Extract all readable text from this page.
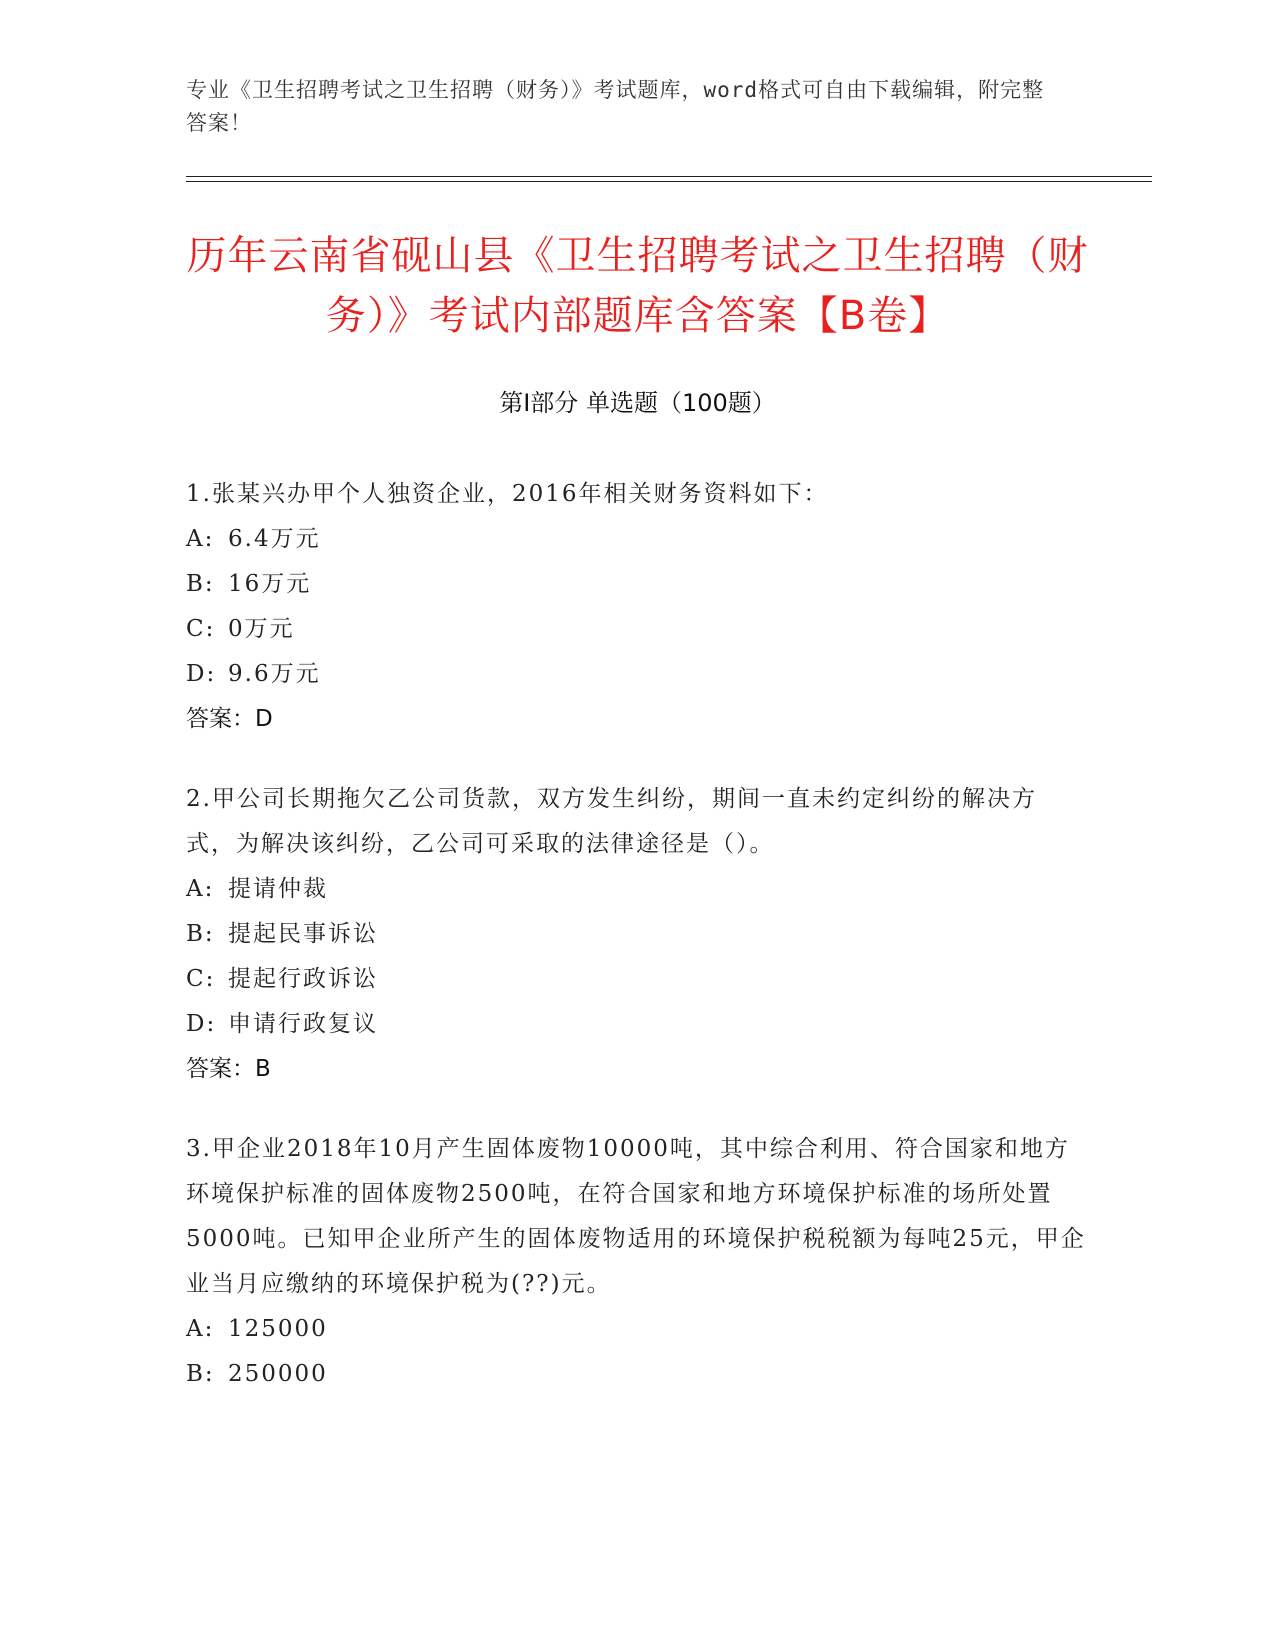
专业《卫生招聘考试之卫生招聘（财务）》考试题库，word格式可自由下载编辑，附完整答案！
历年云南省砚山县《卫生招聘考试之卫生招聘（财务）》考试内部题库含答案【B卷】
第Ⅰ部分 单选题（100题）
1.张某兴办甲个人独资企业，2016年相关财务资料如下：
A: 6.4万元
B: 16万元
C: 0万元
D: 9.6万元
答案：D
2.甲公司长期拖欠乙公司货款，双方发生纠纷，期间一直未约定纠纷的解决方式，为解决该纠纷，乙公司可采取的法律途径是（）。
A: 提请仲裁
B: 提起民事诉讼
C: 提起行政诉讼
D: 申请行政复议
答案：B
3.甲企业2018年10月产生固体废物10000吨，其中综合利用、符合国家和地方环境保护标准的固体废物2500吨，在符合国家和地方环境保护标准的场所处置5000吨。已知甲企业所产生的固体废物适用的环境保护税税额为每吨25元，甲企业当月应缴纳的环境保护税为(??)元。
A: 125000
B: 250000
